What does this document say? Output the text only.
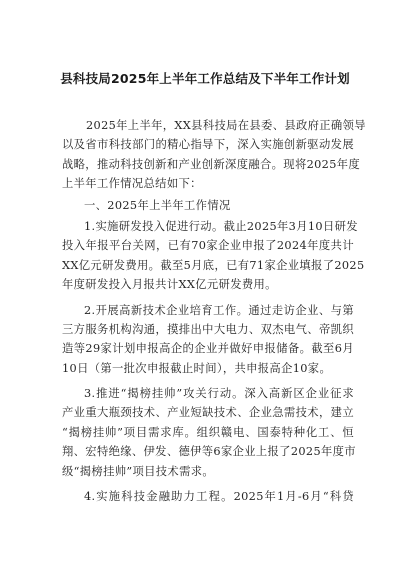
县科技局2025年上半年工作总结及下半年工作计划
2025年上半年，XX县科技局在县委、县政府正确领导
以及省市科技部门的精心指导下，深入实施创新驱动发展
战略，推动科技创新和产业创新深度融合。现将2025年度
上半年工作情况总结如下：
一、2025年上半年工作情况
1.实施研发投入促进行动。截止2025年3月10日研发
投入年报平台关网，已有70家企业申报了2024年度共计
XX亿元研发费用。截至5月底，已有71家企业填报了2025
年度研发投入月报共计XX亿元研发费用。
2.开展高新技术企业培育工作。通过走访企业、与第
三方服务机构沟通，摸排出中大电力、双杰电气、帝凯织
造等29家计划申报高企的企业并做好申报储备。截至6月
10日（第一批次申报截止时间），共申报高企10家。
3.推进“揭榜挂帅”攻关行动。深入高新区企业征求
产业重大瓶颈技术、产业短缺技术、企业急需技术，建立
“揭榜挂帅”项目需求库。组织赣电、国泰特种化工、恒
翔、宏特绝缘、伊发、德伊等6家企业上报了2025年度市
级“揭榜挂帅”项目技术需求。
4.实施科技金融助力工程。2025年1月-6月“科贷
